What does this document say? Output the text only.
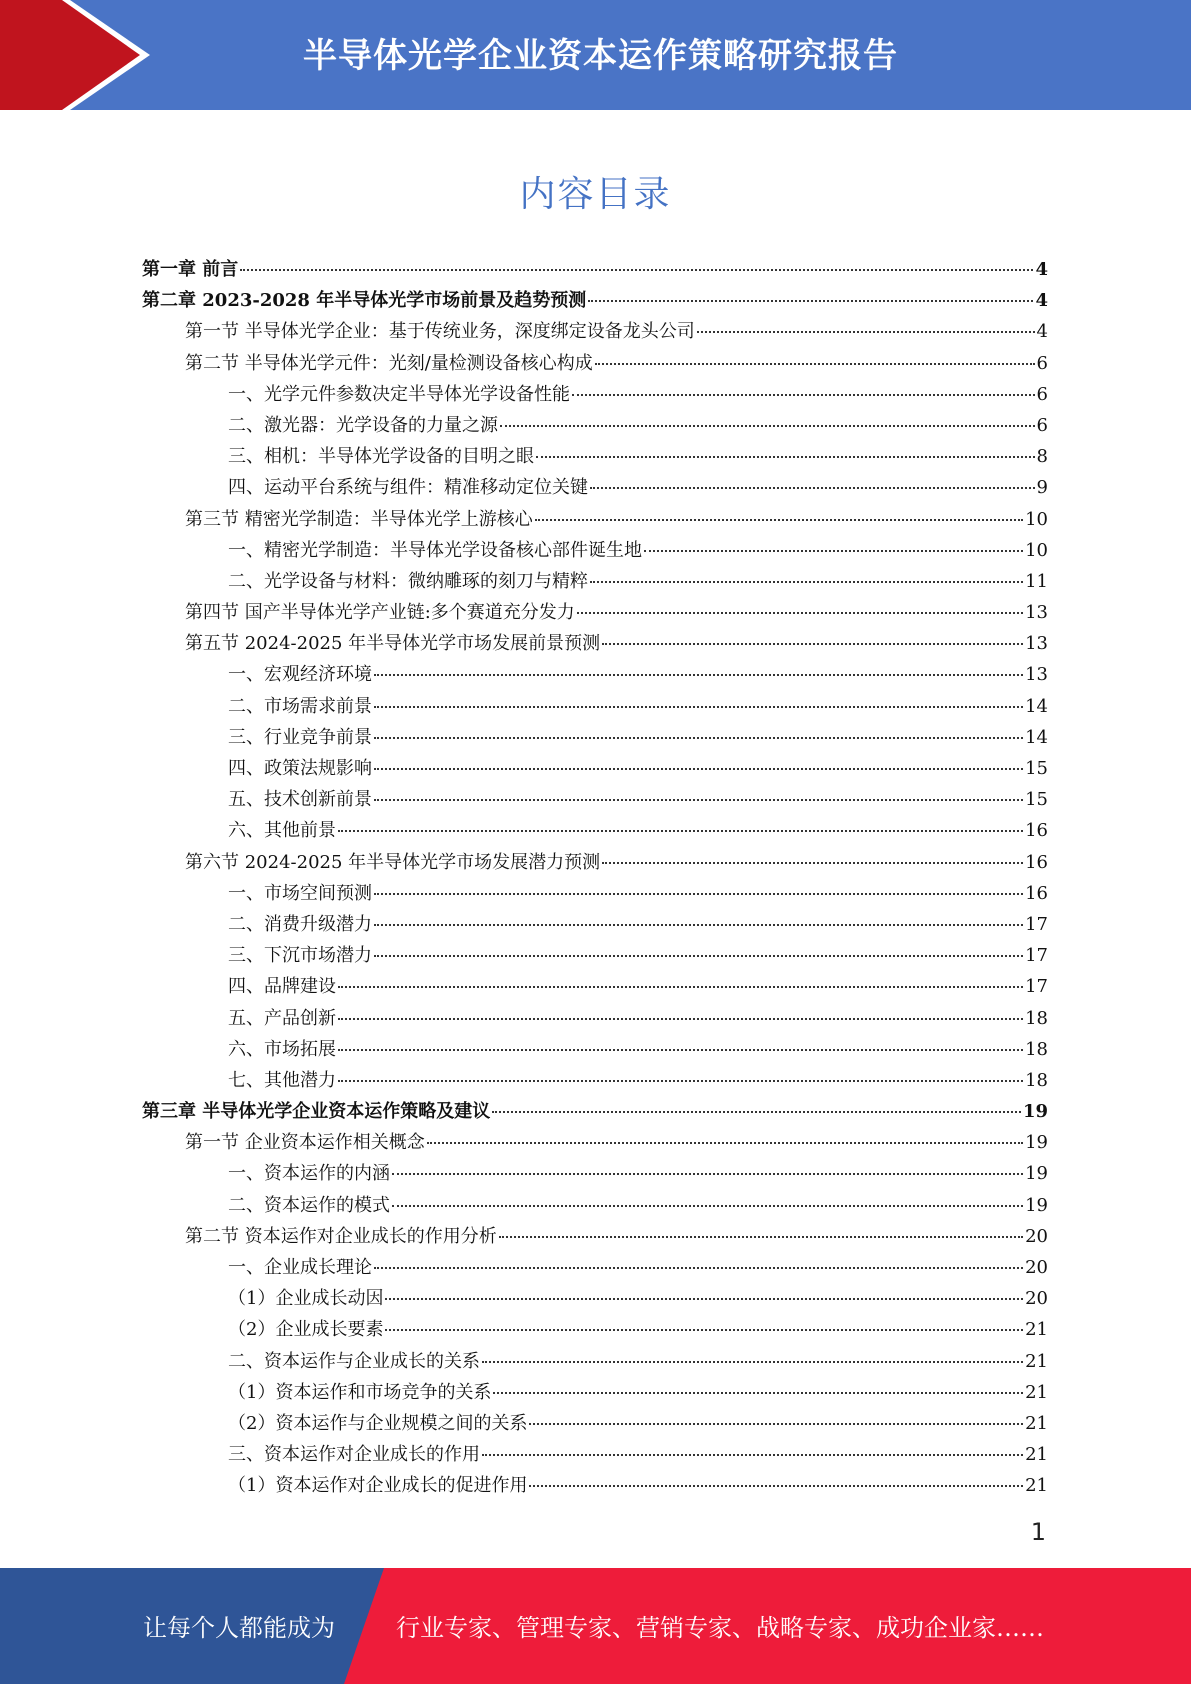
半导体光学企业资本运作策略研究报告
内容目录
第一章 前言	4
第二章 2023-2028 年半导体光学市场前景及趋势预测	4
第一节 半导体光学企业：基于传统业务，深度绑定设备龙头公司	4
第二节 半导体光学元件：光刻/量检测设备核心构成	6
一、光学元件参数决定半导体光学设备性能	6
二、激光器：光学设备的力量之源	6
三、相机：半导体光学设备的目明之眼	8
四、运动平台系统与组件：精准移动定位关键	9
第三节 精密光学制造：半导体光学上游核心	10
一、精密光学制造：半导体光学设备核心部件诞生地	10
二、光学设备与材料：微纳雕琢的刻刀与精粹	11
第四节 国产半导体光学产业链:多个赛道充分发力	13
第五节 2024-2025 年半导体光学市场发展前景预测	13
一、宏观经济环境	13
二、市场需求前景	14
三、行业竞争前景	14
四、政策法规影响	15
五、技术创新前景	15
六、其他前景	16
第六节 2024-2025 年半导体光学市场发展潜力预测	16
一、市场空间预测	16
二、消费升级潜力	17
三、下沉市场潜力	17
四、品牌建设	17
五、产品创新	18
六、市场拓展	18
七、其他潜力	18
第三章 半导体光学企业资本运作策略及建议	19
第一节 企业资本运作相关概念	19
一、资本运作的内涵	19
二、资本运作的模式	19
第二节 资本运作对企业成长的作用分析	20
一、企业成长理论	20
（1）企业成长动因	20
（2）企业成长要素	21
二、资本运作与企业成长的关系	21
（1）资本运作和市场竞争的关系	21
（2）资本运作与企业规模之间的关系	21
三、资本运作对企业成长的作用	21
（1）资本运作对企业成长的促进作用	21
1
让每个人都能成为	行业专家、管理专家、营销专家、战略专家、成功企业家……
